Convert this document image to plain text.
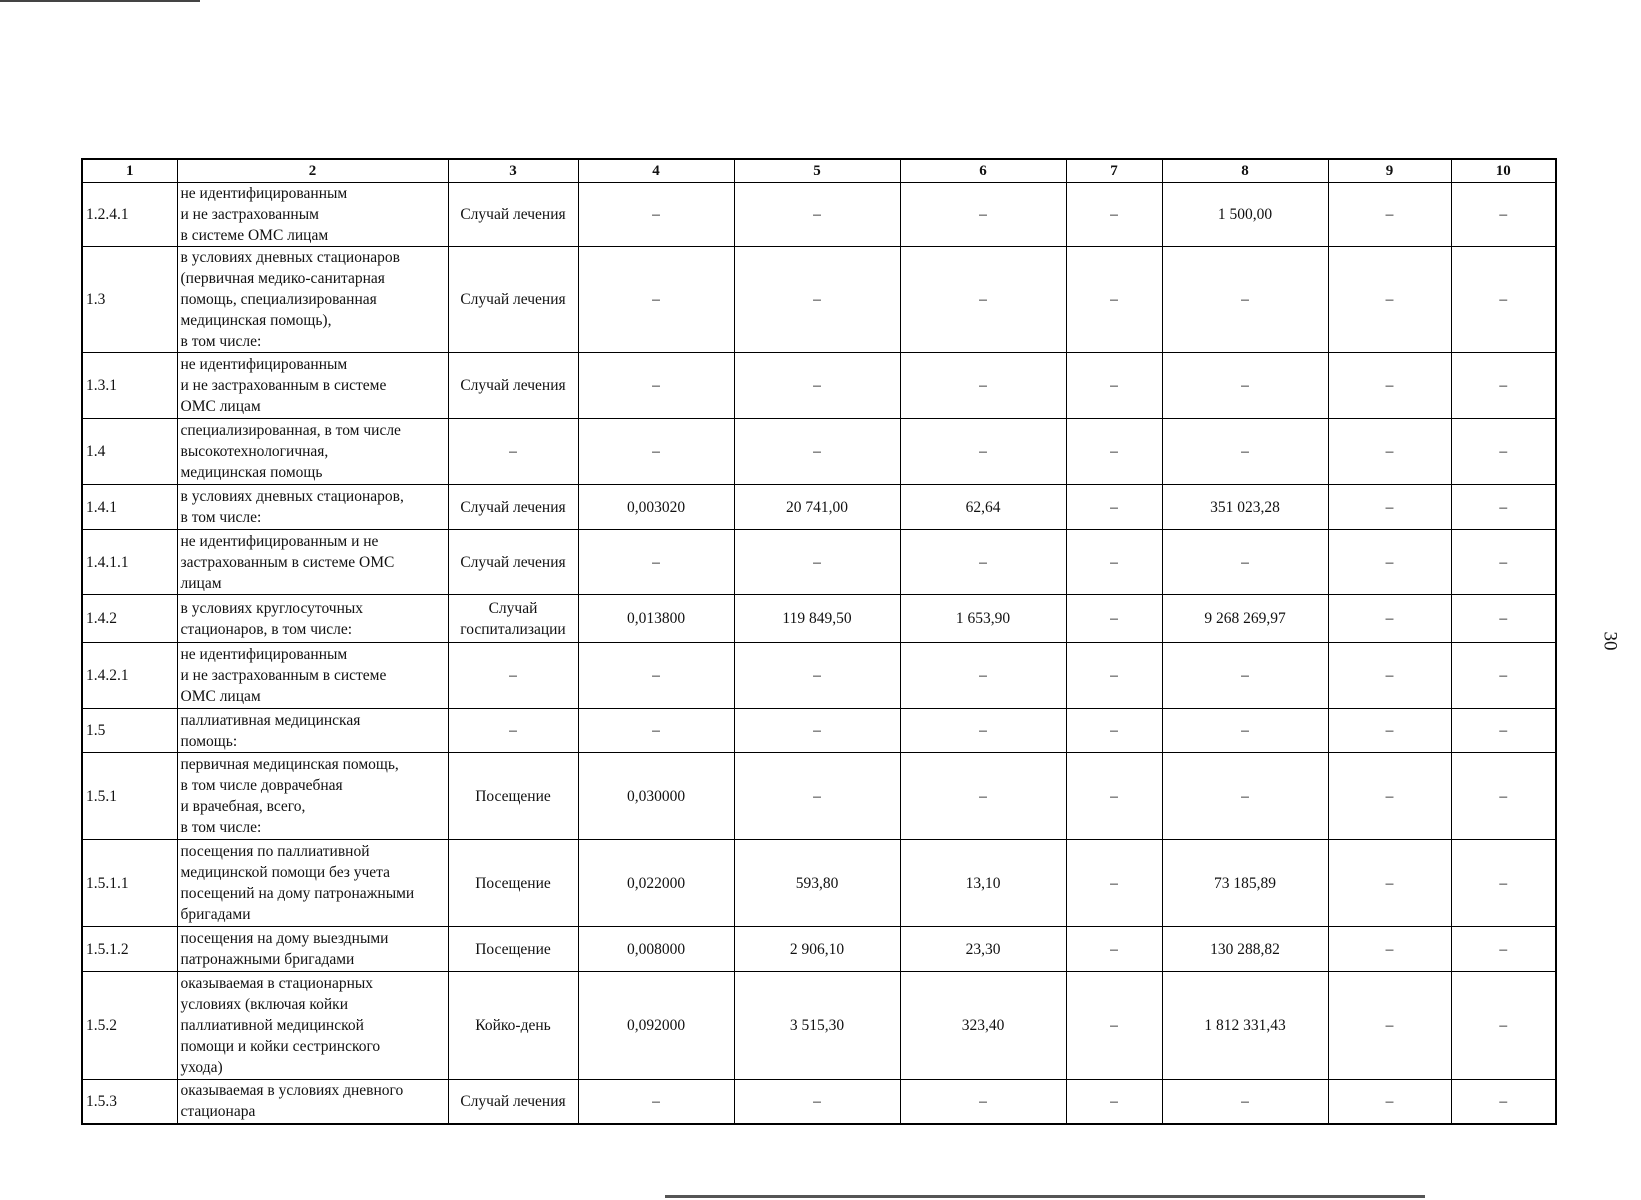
30
1	2	3	4	5	6	7	8	9	10
1.2.4.1	не идентифицированным
и не застрахованным
в системе ОМС лицам	Случай лечения	–	–	–	–	1 500,00	–	–
1.3	в условиях дневных стационаров
(первичная медико-санитарная
помощь, специализированная
медицинская помощь),
в том числе:	Случай лечения	–	–	–	–	–	–	–
1.3.1	не идентифицированным
и не застрахованным в системе
ОМС лицам	Случай лечения	–	–	–	–	–	–	–
1.4	специализированная, в том числе
высокотехнологичная,
медицинская помощь	–	–	–	–	–	–	–	–
1.4.1	в условиях дневных стационаров,
в том числе:	Случай лечения	0,003020	20 741,00	62,64	–	351 023,28	–	–
1.4.1.1	не идентифицированным и не
застрахованным в системе ОМС
лицам	Случай лечения	–	–	–	–	–	–	–
1.4.2	в условиях круглосуточных
стационаров, в том числе:	Случай
госпитализации	0,013800	119 849,50	1 653,90	–	9 268 269,97	–	–
1.4.2.1	не идентифицированным
и не застрахованным в системе
ОМС лицам	–	–	–	–	–	–	–	–
1.5	паллиативная медицинская
помощь:	–	–	–	–	–	–	–	–
1.5.1	первичная медицинская помощь,
в том числе доврачебная
и врачебная, всего,
в том числе:	Посещение	0,030000	–	–	–	–	–	–
1.5.1.1	посещения по паллиативной
медицинской помощи без учета
посещений на дому патронажными
бригадами	Посещение	0,022000	593,80	13,10	–	73 185,89	–	–
1.5.1.2	посещения на дому выездными
патронажными бригадами	Посещение	0,008000	2 906,10	23,30	–	130 288,82	–	–
1.5.2	оказываемая в стационарных
условиях (включая койки
паллиативной медицинской
помощи и койки сестринского
ухода)	Койко-день	0,092000	3 515,30	323,40	–	1 812 331,43	–	–
1.5.3	оказываемая в условиях дневного
стационара	Случай лечения	–	–	–	–	–	–	–
